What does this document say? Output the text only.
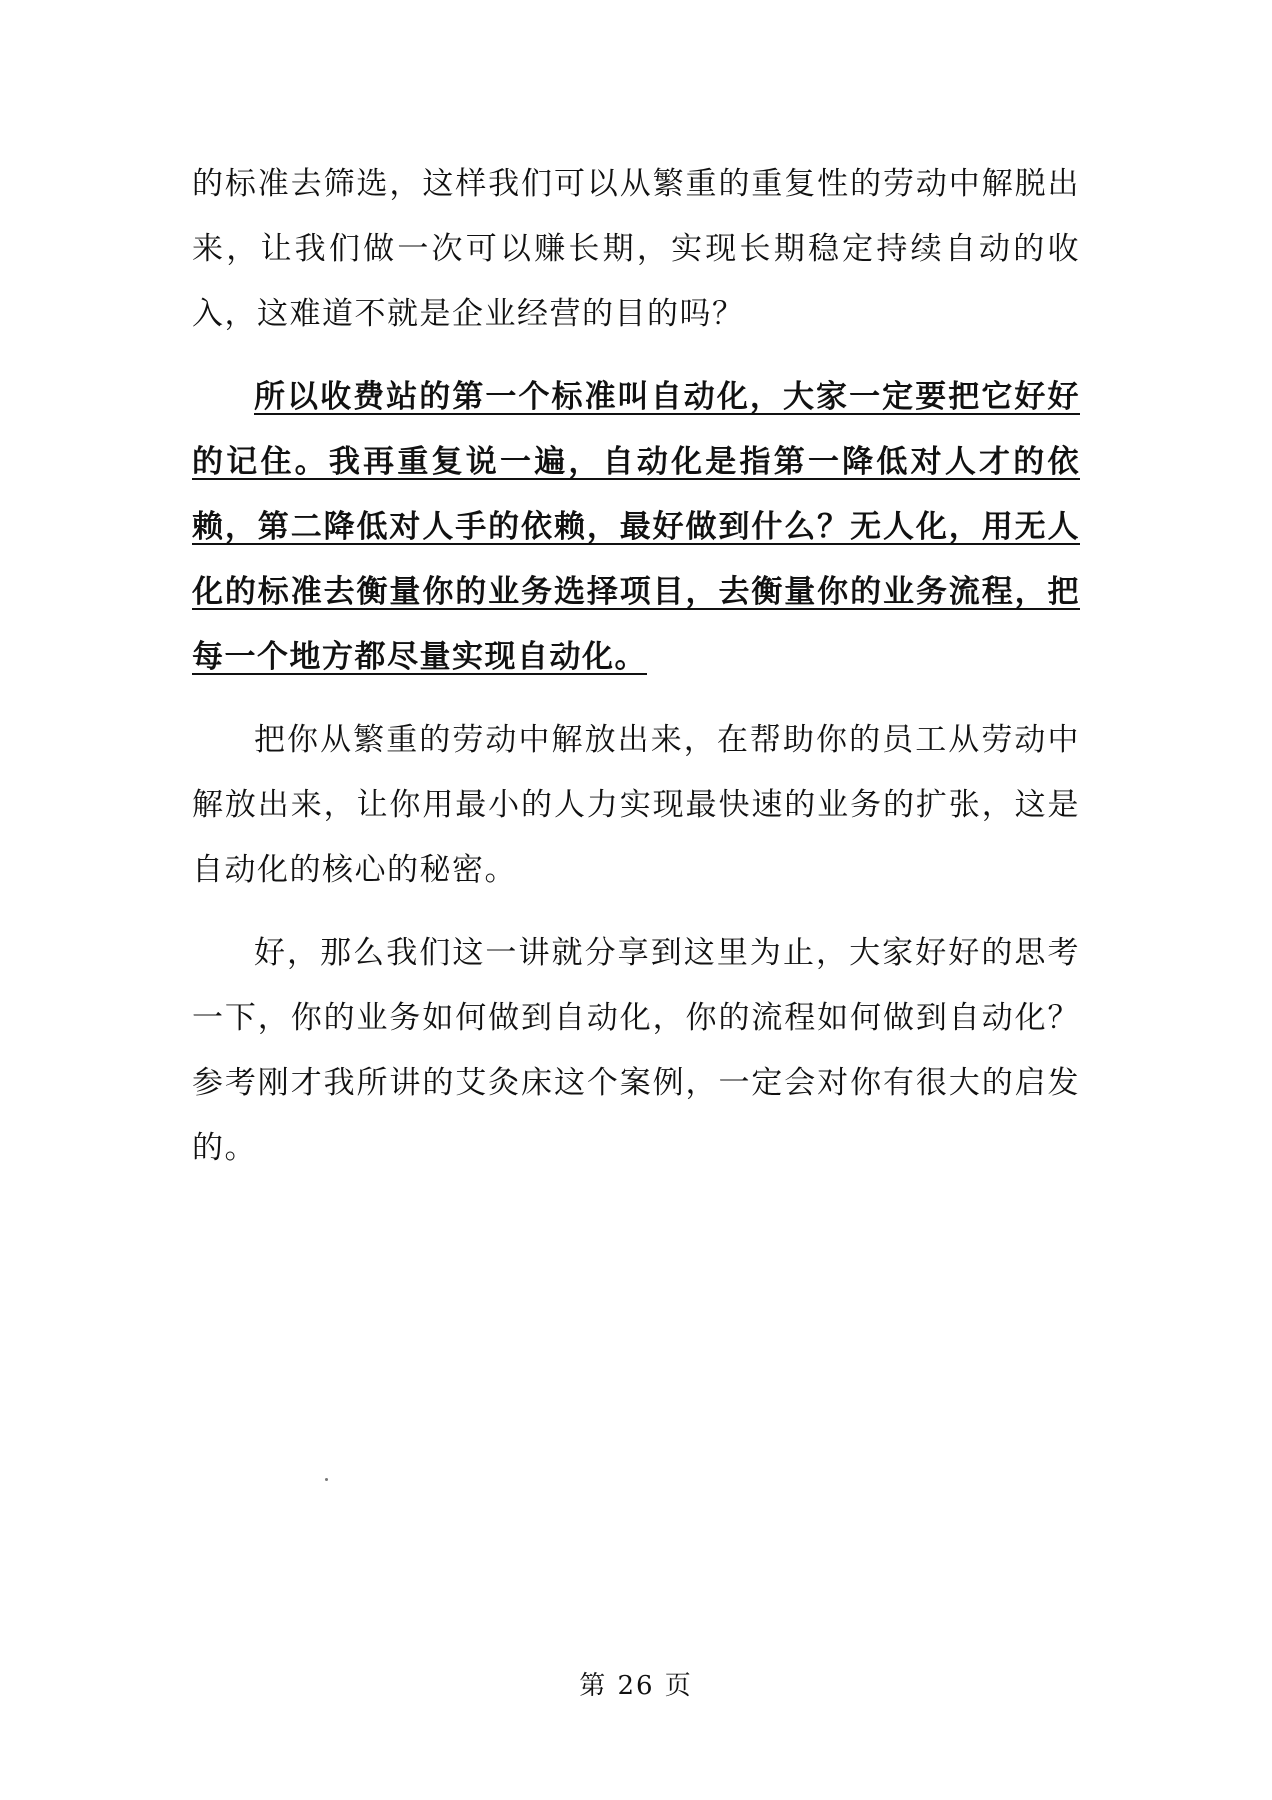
的标准去筛选，这样我们可以从繁重的重复性的劳动中解脱出来，让我们做一次可以赚长期，实现长期稳定持续自动的收入，这难道不就是企业经营的目的吗？

所以收费站的第一个标准叫自动化，大家一定要把它好好的记住。我再重复说一遍，自动化是指第一降低对人才的依赖，第二降低对人手的依赖，最好做到什么？无人化，用无人化的标准去衡量你的业务选择项目，去衡量你的业务流程，把每一个地方都尽量实现自动化。

把你从繁重的劳动中解放出来，在帮助你的员工从劳动中解放出来，让你用最小的人力实现最快速的业务的扩张，这是自动化的核心的秘密。

好，那么我们这一讲就分享到这里为止，大家好好的思考一下，你的业务如何做到自动化，你的流程如何做到自动化？参考刚才我所讲的艾灸床这个案例，一定会对你有很大的启发的。

第 26 页
